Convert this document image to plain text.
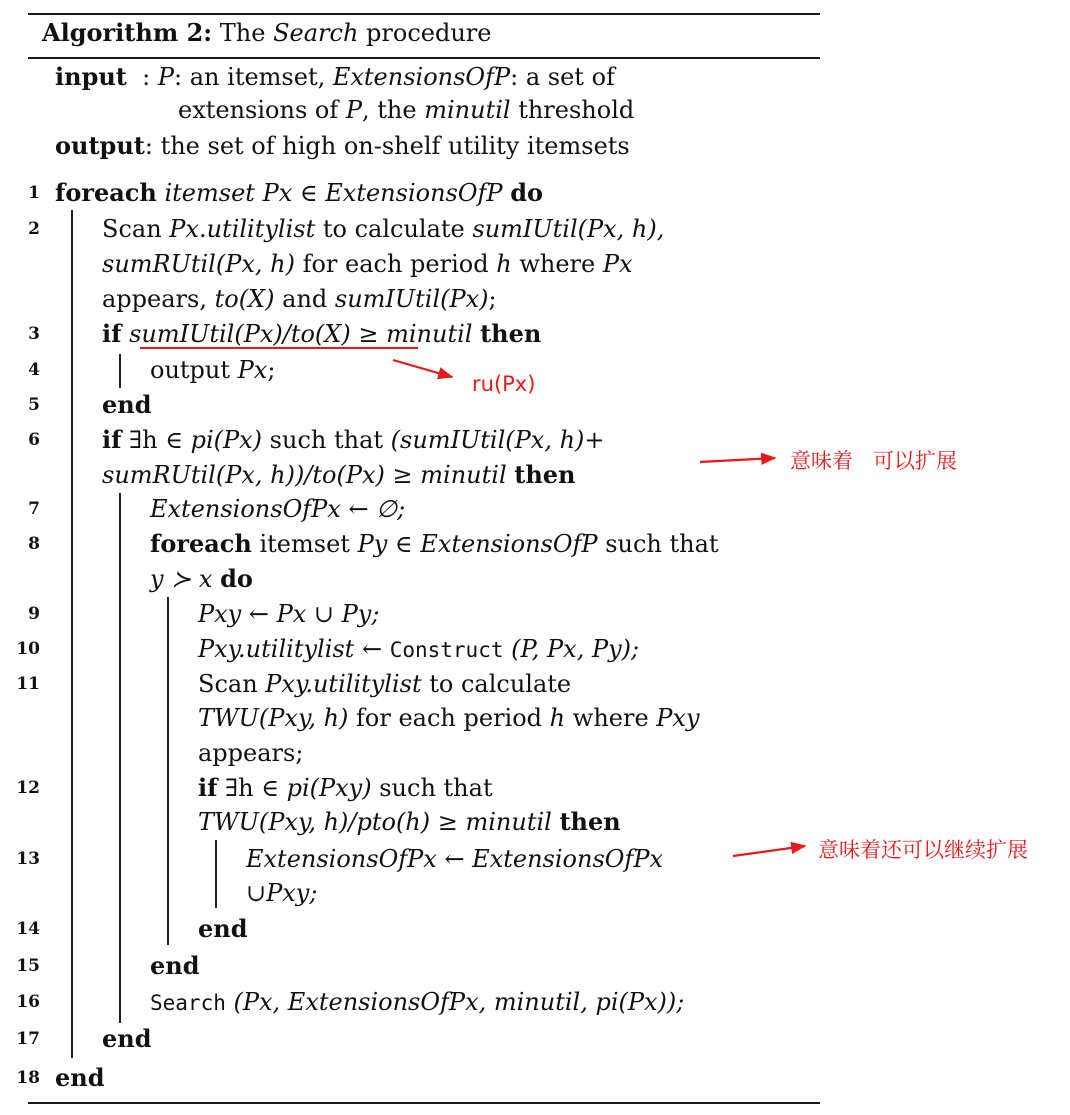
Algorithm 2: The Search procedure
input : P: an itemset, ExtensionsOfP: a set of
extensions of P, the minutil threshold
output: the set of high on-shelf utility itemsets
1
2
3
4
5
6
7
8
9
10
11
12
13
14
15
16
17
18
foreach itemset Px ∈ ExtensionsOfP do
Scan Px.utilitylist to calculate sumIUtil(Px, h),
sumRUtil(Px, h) for each period h where Px
appears, to(X) and sumIUtil(Px);
if sumIUtil(Px)/to(X) ≥ minutil then
output Px;
end
if ∃h ∈ pi(Px) such that (sumIUtil(Px, h)+
sumRUtil(Px, h))/to(Px) ≥ minutil then
ExtensionsOfPx ← ∅;
foreach itemset Py ∈ ExtensionsOfP such that
y ≻ x do
Pxy ← Px ∪ Py;
Pxy.utilitylist ← Construct (P, Px, Py);
Scan Pxy.utilitylist to calculate
TWU(Pxy, h) for each period h where Pxy
appears;
if ∃h ∈ pi(Pxy) such that
TWU(Pxy, h)/pto(h) ≥ minutil then
ExtensionsOfPx ← ExtensionsOfPx
∪Pxy;
end
end
Search (Px, ExtensionsOfPx, minutil, pi(Px));
end
end
ru(Px)
意味着   可以扩展
意味着还可以继续扩展
